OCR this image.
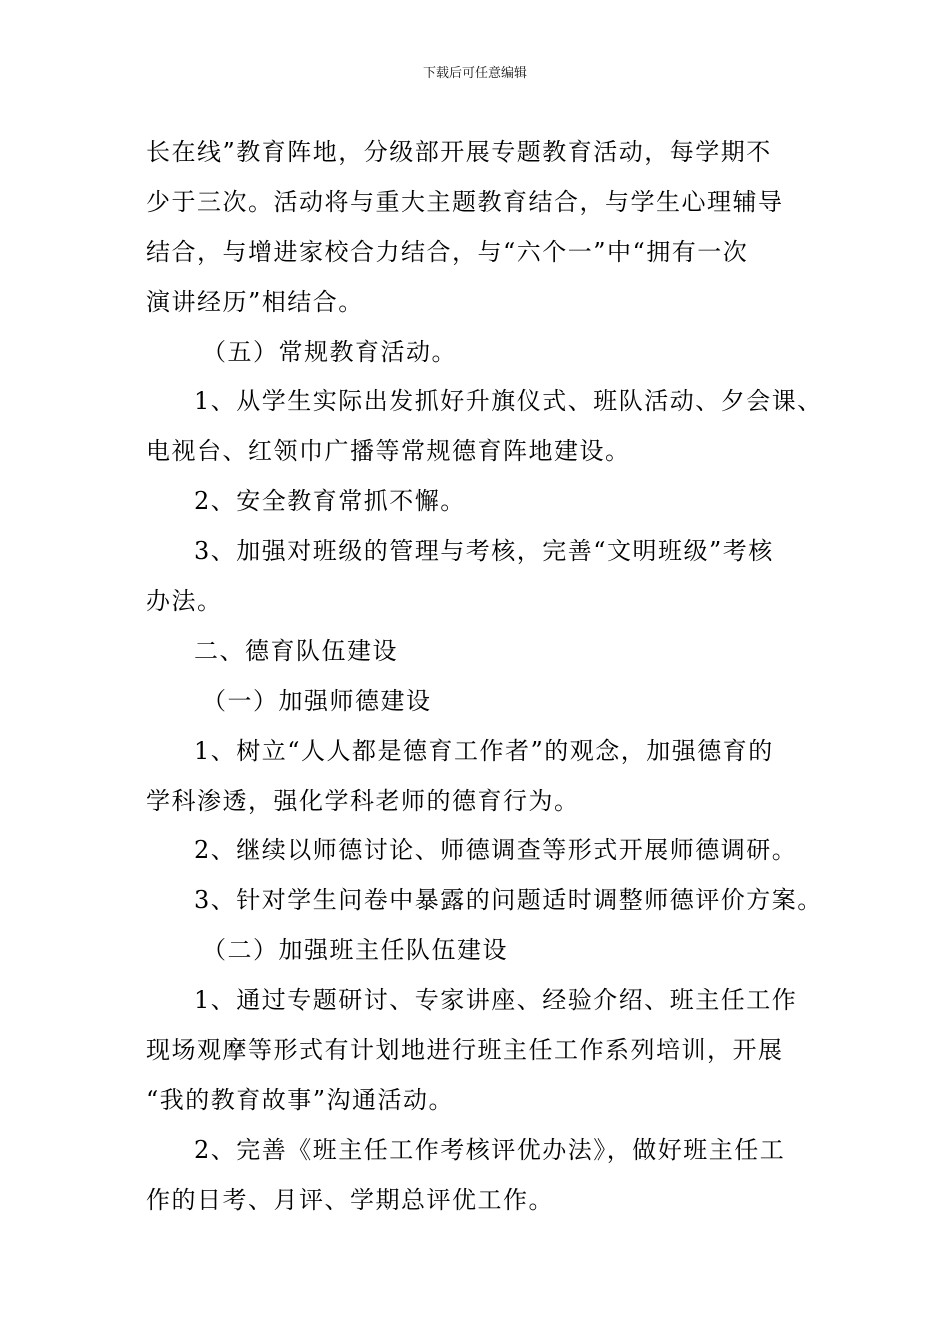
下载后可任意编辑
长在线”教育阵地，分级部开展专题教育活动，每学期不
少于三次。活动将与重大主题教育结合，与学生心理辅导
结合，与增进家校合力结合，与“六个一”中“拥有一次
演讲经历”相结合。
（五）常规教育活动。
1、从学生实际出发抓好升旗仪式、班队活动、夕会课、
电视台、红领巾广播等常规德育阵地建设。
2、安全教育常抓不懈。
3、加强对班级的管理与考核，完善“文明班级”考核
办法。
二、德育队伍建设
（一）加强师德建设
1、树立“人人都是德育工作者”的观念，加强德育的
学科渗透，强化学科老师的德育行为。
2、继续以师德讨论、师德调查等形式开展师德调研。
3、针对学生问卷中暴露的问题适时调整师德评价方案。
（二）加强班主任队伍建设
1、通过专题研讨、专家讲座、经验介绍、班主任工作
现场观摩等形式有计划地进行班主任工作系列培训，开展
“我的教育故事”沟通活动。
2、完善《班主任工作考核评优办法》，做好班主任工
作的日考、月评、学期总评优工作。
